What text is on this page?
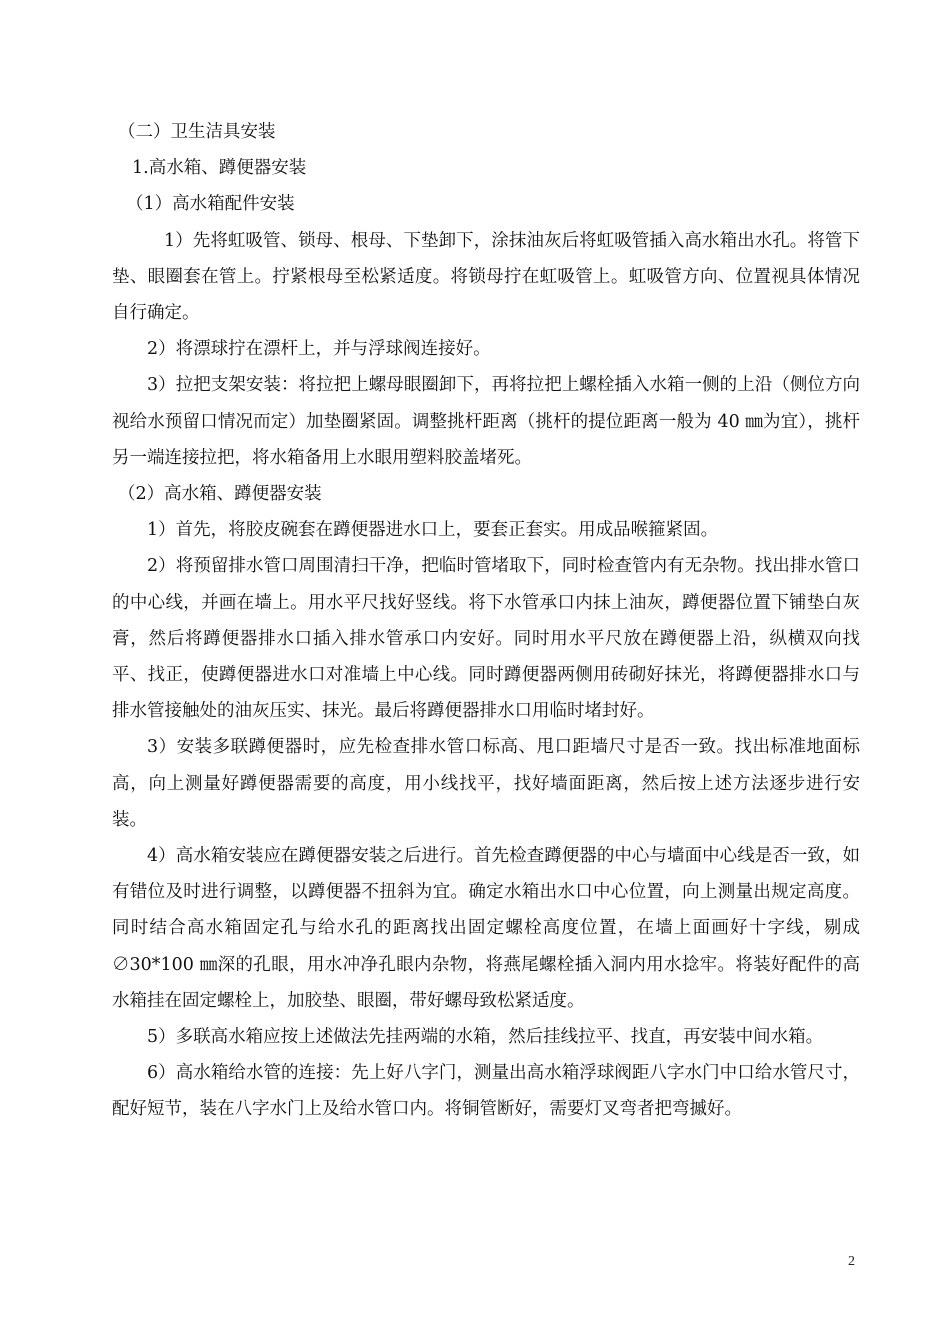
（二）卫生洁具安装

1.高水箱、蹲便器安装

（1）高水箱配件安装

1）先将虹吸管、锁母、根母、下垫卸下，涂抹油灰后将虹吸管插入高水箱出水孔。将管下垫、眼圈套在管上。拧紧根母至松紧适度。将锁母拧在虹吸管上。虹吸管方向、位置视具体情况自行确定。

2）将漂球拧在漂杆上，并与浮球阀连接好。

3）拉把支架安装：将拉把上螺母眼圈卸下，再将拉把上螺栓插入水箱一侧的上沿（侧位方向视给水预留口情况而定）加垫圈紧固。调整挑杆距离（挑杆的提位距离一般为 40 ㎜为宜），挑杆另一端连接拉把，将水箱备用上水眼用塑料胶盖堵死。

（2）高水箱、蹲便器安装

1）首先，将胶皮碗套在蹲便器进水口上，要套正套实。用成品喉箍紧固。

2）将预留排水管口周围清扫干净，把临时管堵取下，同时检查管内有无杂物。找出排水管口的中心线，并画在墙上。用水平尺找好竖线。将下水管承口内抹上油灰，蹲便器位置下铺垫白灰膏，然后将蹲便器排水口插入排水管承口内安好。同时用水平尺放在蹲便器上沿，纵横双向找平、找正，使蹲便器进水口对准墙上中心线。同时蹲便器两侧用砖砌好抹光，将蹲便器排水口与排水管接触处的油灰压实、抹光。最后将蹲便器排水口用临时堵封好。

3）安装多联蹲便器时，应先检查排水管口标高、甩口距墙尺寸是否一致。找出标准地面标高，向上测量好蹲便器需要的高度，用小线找平，找好墙面距离，然后按上述方法逐步进行安装。

4）高水箱安装应在蹲便器安装之后进行。首先检查蹲便器的中心与墙面中心线是否一致，如有错位及时进行调整，以蹲便器不扭斜为宜。确定水箱出水口中心位置，向上测量出规定高度。同时结合高水箱固定孔与给水孔的距离找出固定螺栓高度位置，在墙上面画好十字线，剔成∅30*100 ㎜深的孔眼，用水冲净孔眼内杂物，将燕尾螺栓插入洞内用水捻牢。将装好配件的高水箱挂在固定螺栓上，加胶垫、眼圈，带好螺母致松紧适度。

5）多联高水箱应按上述做法先挂两端的水箱，然后挂线拉平、找直，再安装中间水箱。

6）高水箱给水管的连接：先上好八字门，测量出高水箱浮球阀距八字水门中口给水管尺寸，配好短节，装在八字水门上及给水管口内。将铜管断好，需要灯叉弯者把弯摵好。

2
